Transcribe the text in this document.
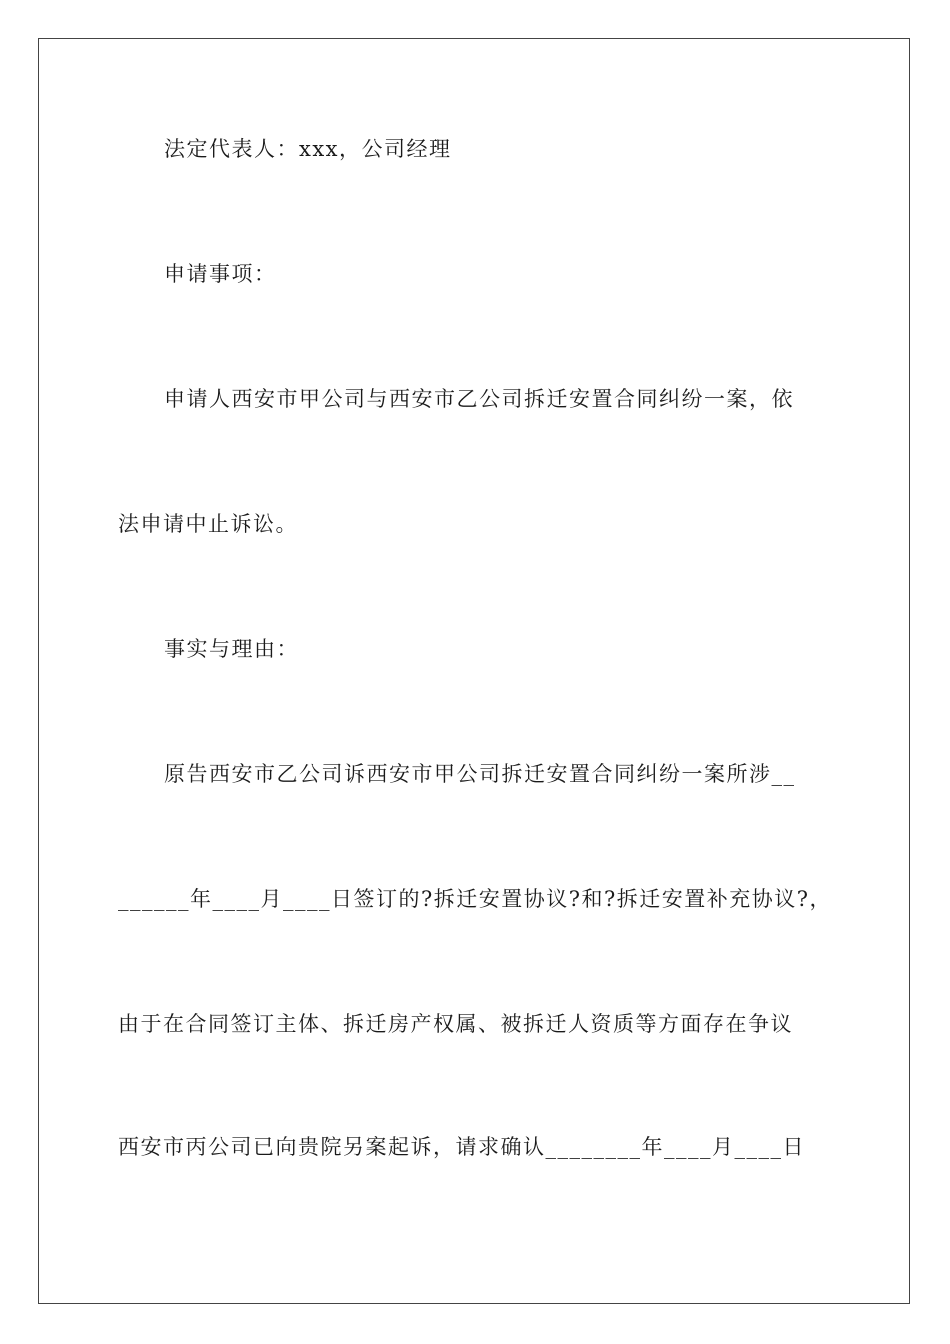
法定代表人：xxx，公司经理
申请事项：
申请人西安市甲公司与西安市乙公司拆迁安置合同纠纷一案，依
法申请中止诉讼。
事实与理由：
原告西安市乙公司诉西安市甲公司拆迁安置合同纠纷一案所涉__
______年____月____日签订的?拆迁安置协议?和?拆迁安置补充协议?，
由于在合同签订主体、拆迁房产权属、被拆迁人资质等方面存在争议
西安市丙公司已向贵院另案起诉，请求确认________年____月____日
